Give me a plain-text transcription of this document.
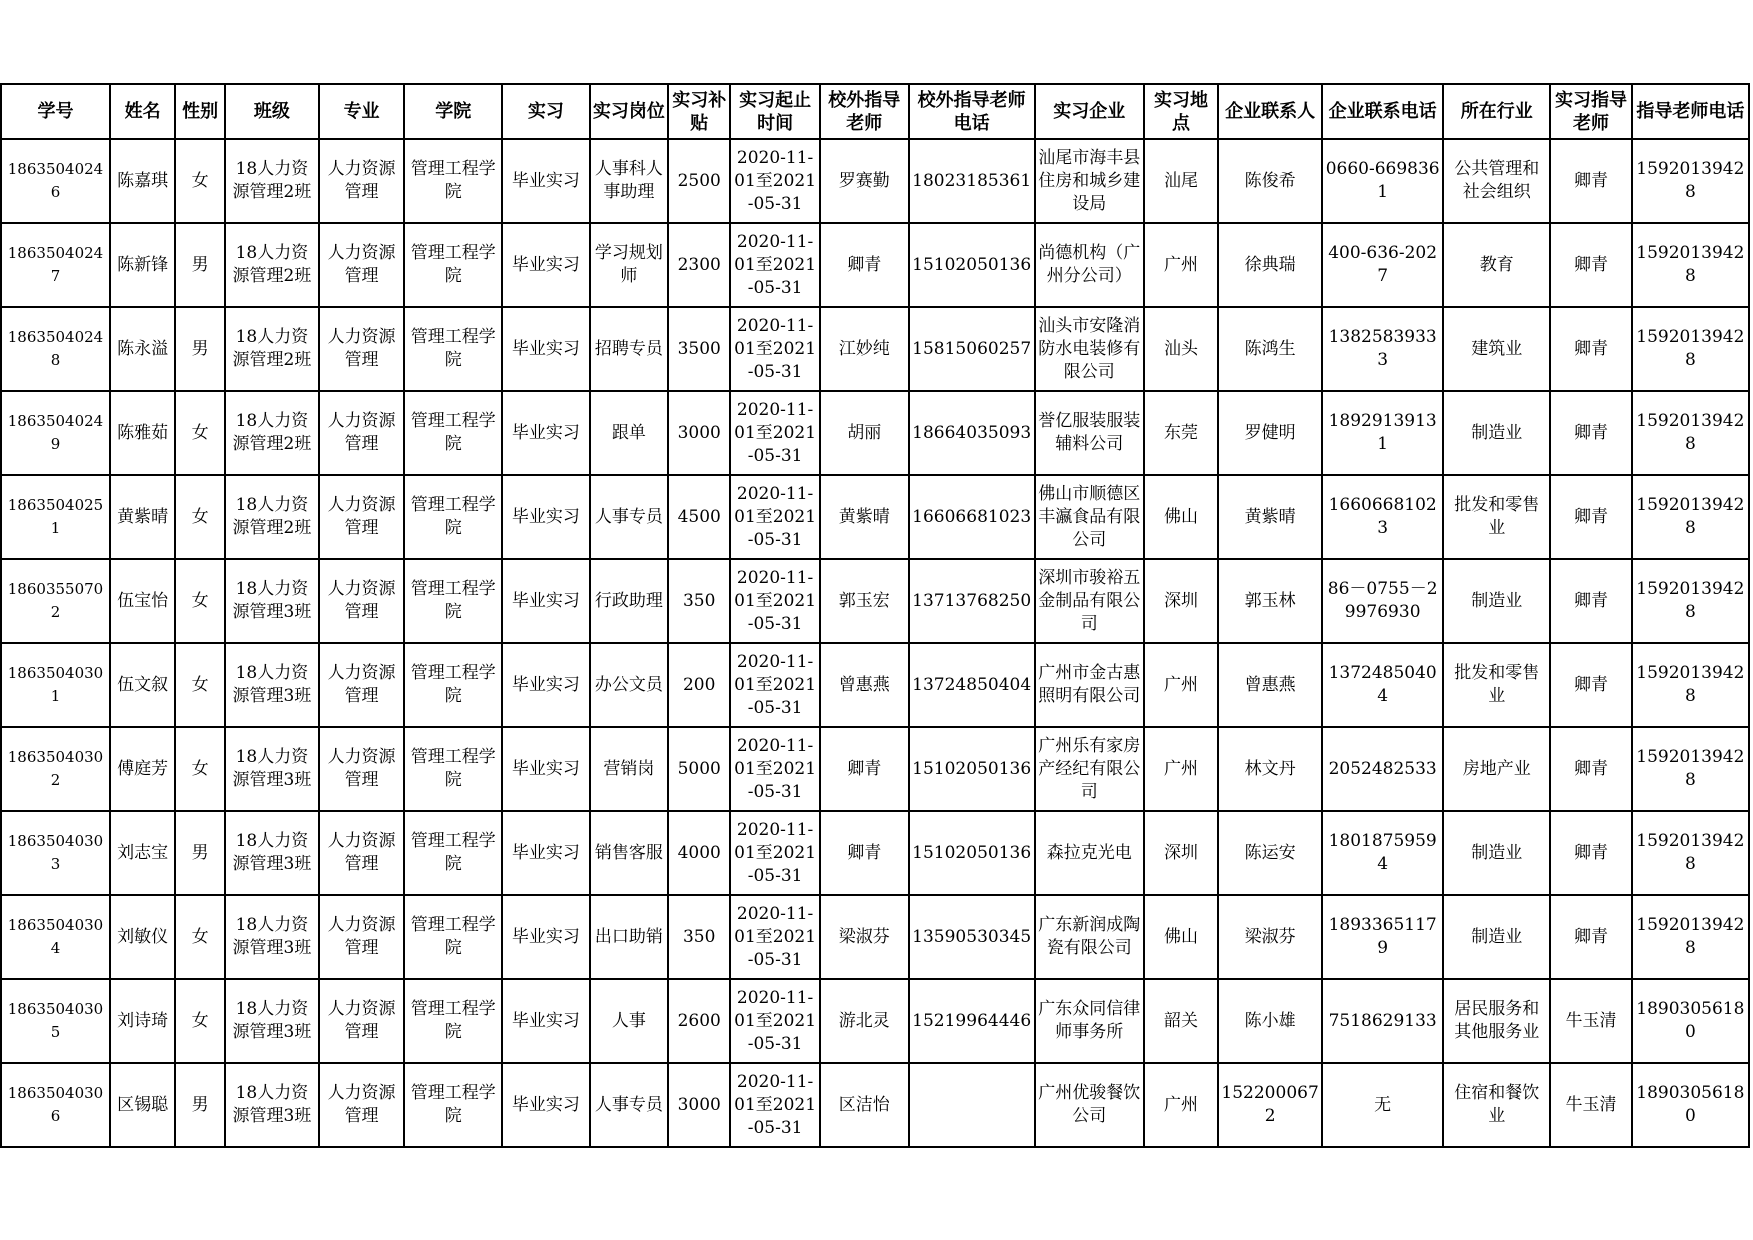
学号	姓名	性别	班级	专业	学院	实习	实习岗位	实习补贴	实习起止时间	校外指导老师	校外指导老师电话	实习企业	实习地点	企业联系人	企业联系电话	所在行业	实习指导老师	指导老师电话

18635040246	陈嘉琪	女	18人力资源管理2班	人力资源管理	管理工程学院	毕业实习	人事科人事助理	2500	2020-11-01至2021-05-31	罗赛勤	18023185361	汕尾市海丰县住房和城乡建设局	汕尾	陈俊希	0660-6698361	公共管理和社会组织	卿青	15920139428

18635040247	陈新锋	男	18人力资源管理2班	人力资源管理	管理工程学院	毕业实习	学习规划师	2300	2020-11-01至2021-05-31	卿青	15102050136	尚德机构（广州分公司）	广州	徐典瑞	400-636-2027	教育	卿青	15920139428

18635040248	陈永溢	男	18人力资源管理2班	人力资源管理	管理工程学院	毕业实习	招聘专员	3500	2020-11-01至2021-05-31	江妙纯	15815060257	汕头市安隆消防水电装修有限公司	汕头	陈鸿生	13825839333	建筑业	卿青	15920139428

18635040249	陈雅茹	女	18人力资源管理2班	人力资源管理	管理工程学院	毕业实习	跟单	3000	2020-11-01至2021-05-31	胡丽	18664035093	誉亿服装服装辅料公司	东莞	罗健明	18929139131	制造业	卿青	15920139428

18635040251	黄紫晴	女	18人力资源管理2班	人力资源管理	管理工程学院	毕业实习	人事专员	4500	2020-11-01至2021-05-31	黄紫晴	16606681023	佛山市顺德区丰瀛食品有限公司	佛山	黄紫晴	16606681023	批发和零售业	卿青	15920139428

18603550702	伍宝怡	女	18人力资源管理3班	人力资源管理	管理工程学院	毕业实习	行政助理	350	2020-11-01至2021-05-31	郭玉宏	13713768250	深圳市骏裕五金制品有限公司	深圳	郭玉林	86－0755－29976930	制造业	卿青	15920139428

18635040301	伍文叙	女	18人力资源管理3班	人力资源管理	管理工程学院	毕业实习	办公文员	200	2020-11-01至2021-05-31	曾惠燕	13724850404	广州市金古惠照明有限公司	广州	曾惠燕	13724850404	批发和零售业	卿青	15920139428

18635040302	傅庭芳	女	18人力资源管理3班	人力资源管理	管理工程学院	毕业实习	营销岗	5000	2020-11-01至2021-05-31	卿青	15102050136	广州乐有家房产经纪有限公司	广州	林文丹	2052482533	房地产业	卿青	15920139428

18635040303	刘志宝	男	18人力资源管理3班	人力资源管理	管理工程学院	毕业实习	销售客服	4000	2020-11-01至2021-05-31	卿青	15102050136	森拉克光电	深圳	陈运安	18018759594	制造业	卿青	15920139428

18635040304	刘敏仪	女	18人力资源管理3班	人力资源管理	管理工程学院	毕业实习	出口助销	350	2020-11-01至2021-05-31	梁淑芬	13590530345	广东新润成陶瓷有限公司	佛山	梁淑芬	18933651179	制造业	卿青	15920139428

18635040305	刘诗琦	女	18人力资源管理3班	人力资源管理	管理工程学院	毕业实习	人事	2600	2020-11-01至2021-05-31	游北灵	15219964446	广东众同信律师事务所	韶关	陈小雄	7518629133	居民服务和其他服务业	牛玉清	18903056180

18635040306	区锡聪	男	18人力资源管理3班	人力资源管理	管理工程学院	毕业实习	人事专员	3000	2020-11-01至2021-05-31	区洁怡		广州优骏餐饮公司	广州	1522000672	无	住宿和餐饮业	牛玉清	18903056180
